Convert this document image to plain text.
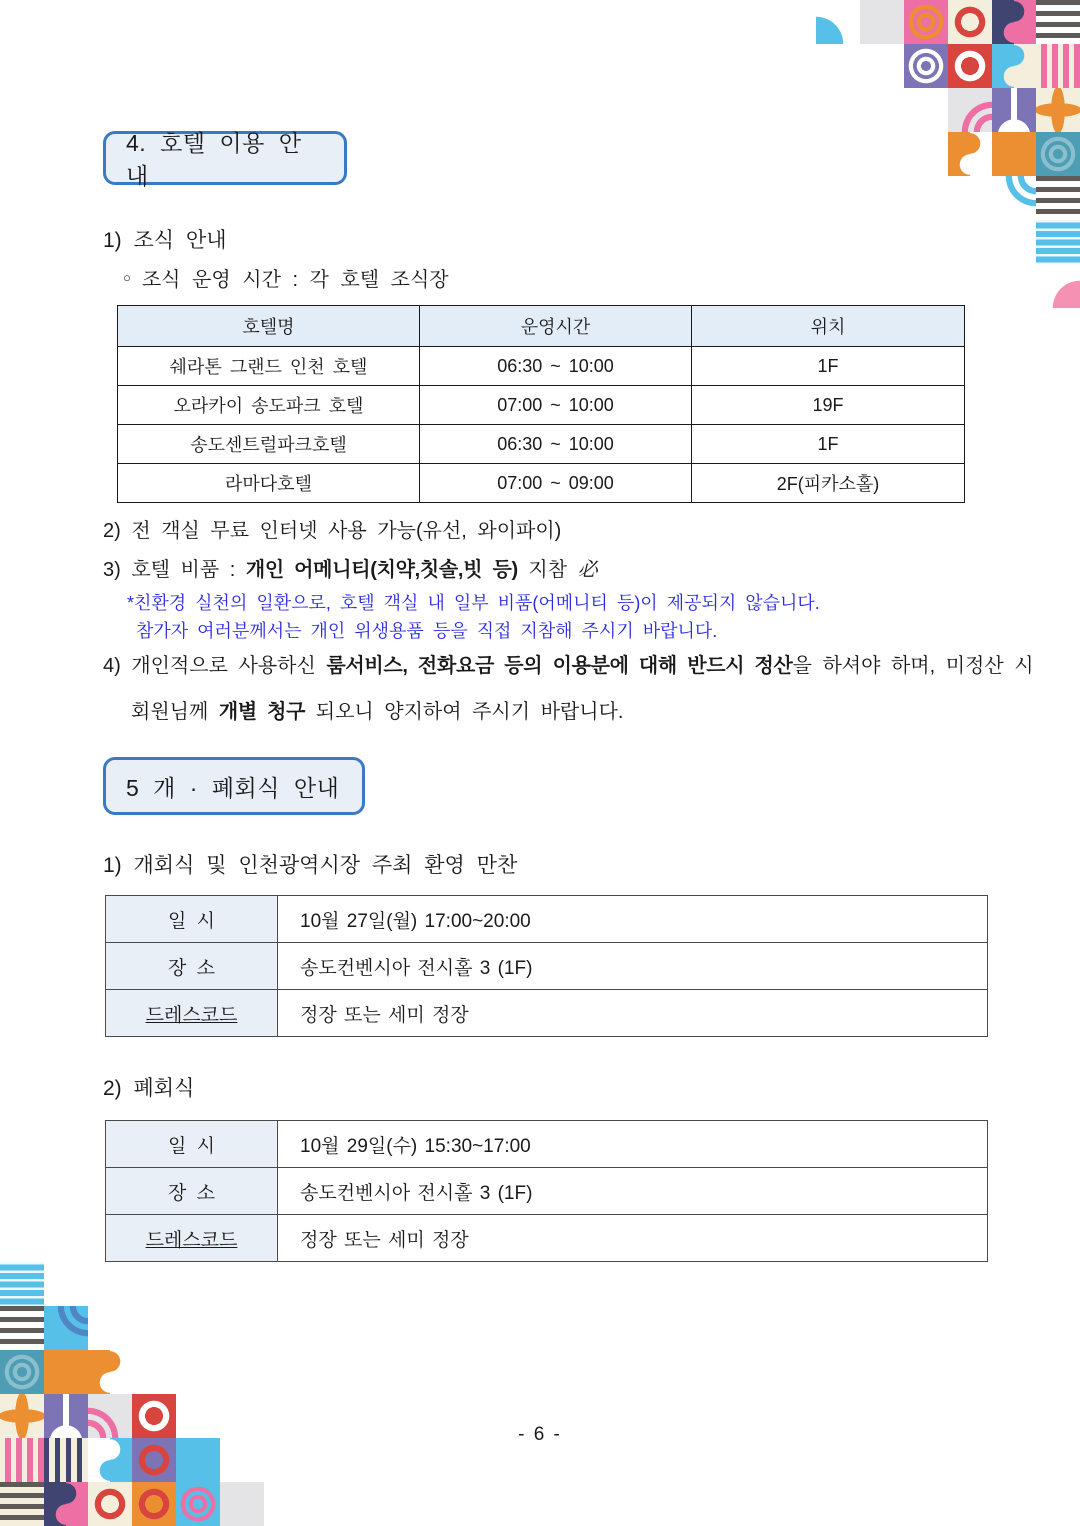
4. 호텔 이용 안내
1) 조식 안내
○ 조식 운영 시간 : 각 호텔 조식장
호텔명	운영시간	위치
쉐라톤 그랜드 인천 호텔	06:30 ~ 10:00	1F
오라카이 송도파크 호텔	07:00 ~ 10:00	19F
송도센트럴파크호텔	06:30 ~ 10:00	1F
라마다호텔	07:00 ~ 09:00	2F(피카소홀)
2) 전 객실 무료 인터넷 사용 가능(유선, 와이파이)
3) 호텔 비품 : 개인 어메니티(치약,칫솔,빗 등) 지참 必
*친환경 실천의 일환으로, 호텔 객실 내 일부 비품(어메니티 등)이 제공되지 않습니다.
참가자 여러분께서는 개인 위생용품 등을 직접 지참해 주시기 바랍니다.
4) 개인적으로 사용하신 룸서비스, 전화요금 등의 이용분에 대해 반드시 정산을 하셔야 하며, 미정산 시
회원님께 개별 청구 되오니 양지하여 주시기 바랍니다.
5 개 · 폐회식 안내
1) 개회식 및 인천광역시장 주최 환영 만찬
일 시	10월 27일(월) 17:00~20:00
장 소	송도컨벤시아 전시홀 3 (1F)
드레스코드	정장 또는 세미 정장
2) 폐회식
일 시	10월 29일(수) 15:30~17:00
장 소	송도컨벤시아 전시홀 3 (1F)
드레스코드	정장 또는 세미 정장
- 6 -
